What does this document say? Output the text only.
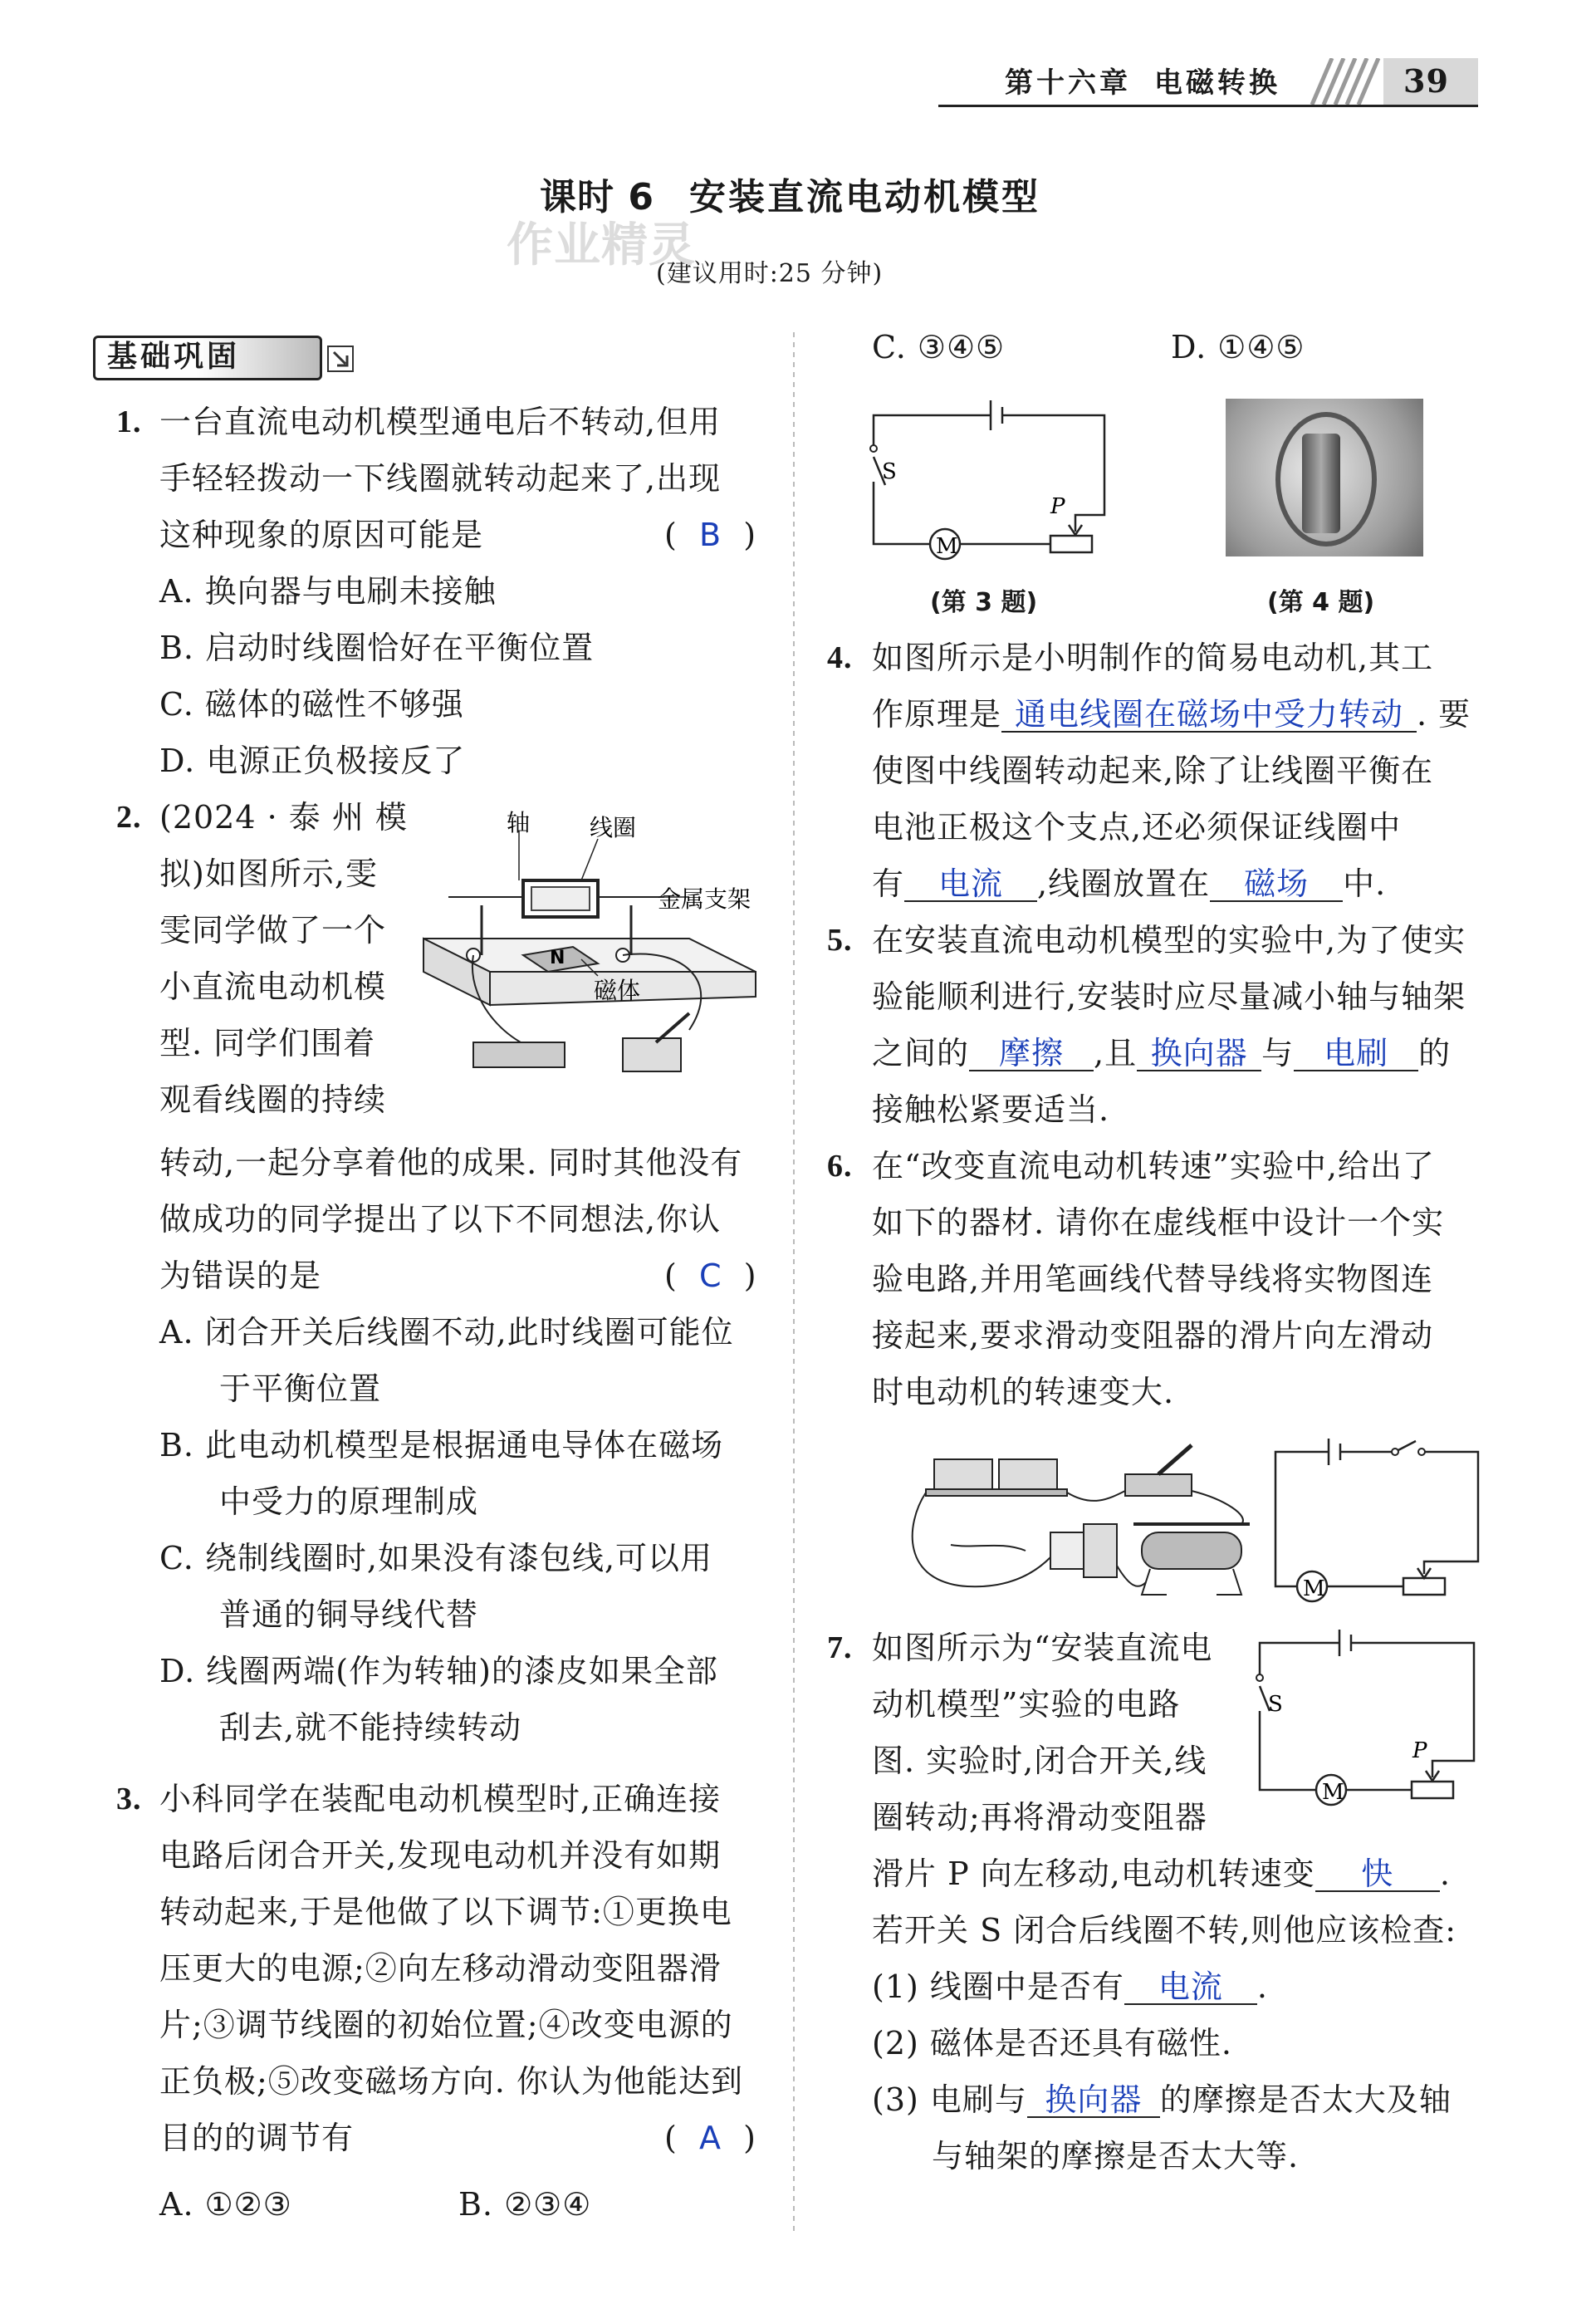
第十六章 电磁转换	39
课时 6 安装直流电动机模型
(建议用时:25 分钟)
作业精灵
基础巩固
1. 一台直流电动机模型通电后不转动,但用
手轻轻拨动一下线圈就转动起来了,出现
这种现象的原因可能是	(  B  )
A. 换向器与电刷未接触
B. 启动时线圈恰好在平衡位置
C. 磁体的磁性不够强
D. 电源正负极接反了
2. (2024 · 泰 州 模
拟)如图所示,雯
雯同学做了一个
小直流电动机模
型. 同学们围着
观看线圈的持续
N
轴	线圈
金属支架
磁体
转动,一起分享着他的成果. 同时其他没有
做成功的同学提出了以下不同想法,你认
为错误的是	(  C  )
A. 闭合开关后线圈不动,此时线圈可能位
于平衡位置
B. 此电动机模型是根据通电导体在磁场
中受力的原理制成
C. 绕制线圈时,如果没有漆包线,可以用
普通的铜导线代替
D. 线圈两端(作为转轴)的漆皮如果全部
刮去,就不能持续转动
3. 小科同学在装配电动机模型时,正确连接
电路后闭合开关,发现电动机并没有如期
转动起来,于是他做了以下调节:①更换电
压更大的电源;②向左移动滑动变阻器滑
片;③调节线圈的初始位置;④改变电源的
正负极;⑤改变磁场方向. 你认为他能达到
目的的调节有	(  A  )
A. ①②③	B. ②③④
C. ③④⑤	D. ①④⑤
S
M
P
(第 3 题)	(第 4 题)
4. 如图所示是小明制作的简易电动机,其工
作原理是 通电线圈在磁场中受力转动 . 要
使图中线圈转动起来,除了让线圈平衡在
电池正极这个支点,还必须保证线圈中
有 电流 ,线圈放置在 磁场 中.
5. 在安装直流电动机模型的实验中,为了使实
验能顺利进行,安装时应尽量减小轴与轴架
之间的 摩擦 ,且 换向器 与 电刷 的
接触松紧要适当.
6. 在“改变直流电动机转速”实验中,给出了
如下的器材. 请你在虚线框中设计一个实
验电路,并用笔画线代替导线将实物图连
接起来,要求滑动变阻器的滑片向左滑动
时电动机的转速变大.
M
7. 如图所示为“安装直流电
动机模型”实验的电路
图. 实验时,闭合开关,线
圈转动;再将滑动变阻器
S
M
P
滑片 P 向左移动,电动机转速变 快 .
若开关 S 闭合后线圈不转,则他应该检查:
(1) 线圈中是否有 电流 .
(2) 磁体是否还具有磁性.
(3) 电刷与 换向器 的摩擦是否太大及轴
与轴架的摩擦是否太大等.
